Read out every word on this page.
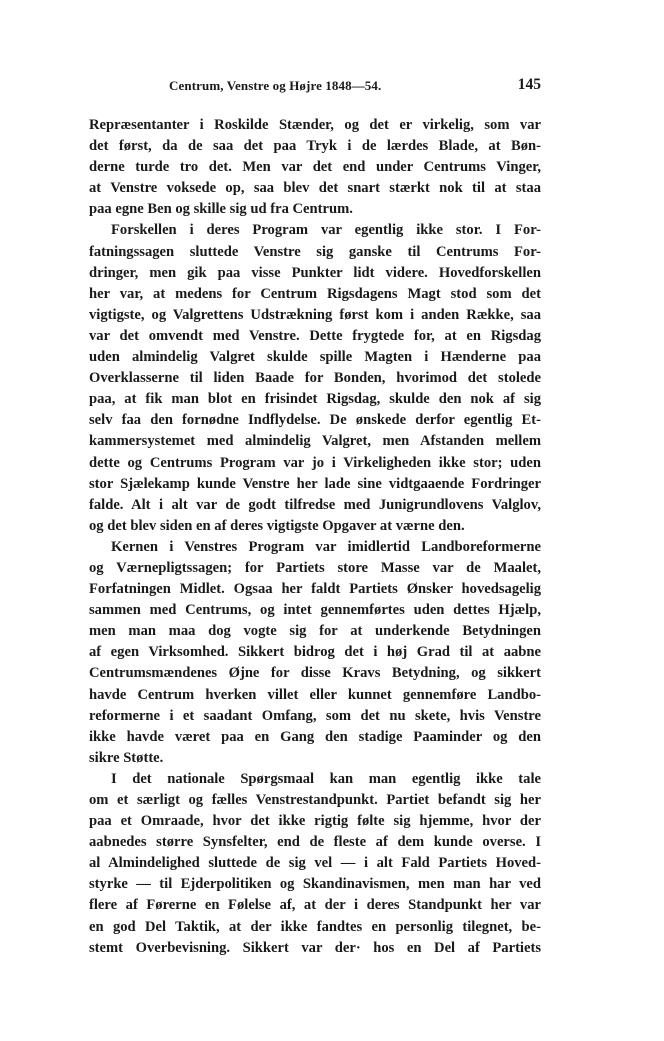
Centrum, Venstre og Højre 1848—54.	145

Repræsentanter i Roskilde Stænder, og det er virkelig, som var
det først, da de saa det paa Tryk i de lærdes Blade, at Bøn-
derne turde tro det. Men var det end under Centrums Vinger,
at Venstre voksede op, saa blev det snart stærkt nok til at staa
paa egne Ben og skille sig ud fra Centrum.

Forskellen i deres Program var egentlig ikke stor. I For-
fatningssagen sluttede Venstre sig ganske til Centrums For-
dringer, men gik paa visse Punkter lidt videre. Hovedforskellen
her var, at medens for Centrum Rigsdagens Magt stod som det
vigtigste, og Valgrettens Udstrækning først kom i anden Række, saa
var det omvendt med Venstre. Dette frygtede for, at en Rigsdag
uden almindelig Valgret skulde spille Magten i Hænderne paa
Overklasserne til liden Baade for Bonden, hvorimod det stolede
paa, at fik man blot en frisindet Rigsdag, skulde den nok af sig
selv faa den fornødne Indflydelse. De ønskede derfor egentlig Et-
kammersystemet med almindelig Valgret, men Afstanden mellem
dette og Centrums Program var jo i Virkeligheden ikke stor; uden
stor Sjælekamp kunde Venstre her lade sine vidtgaaende Fordringer
falde. Alt i alt var de godt tilfredse med Junigrundlovens Valglov,
og det blev siden en af deres vigtigste Opgaver at værne den.

Kernen i Venstres Program var imidlertid Landboreformerne
og Værnepligtssagen; for Partiets store Masse var de Maalet,
Forfatningen Midlet. Ogsaa her faldt Partiets Ønsker hovedsagelig
sammen med Centrums, og intet gennemførtes uden dettes Hjælp,
men man maa dog vogte sig for at underkende Betydningen
af egen Virksomhed. Sikkert bidrog det i høj Grad til at aabne
Centrumsmændenes Øjne for disse Kravs Betydning, og sikkert
havde Centrum hverken villet eller kunnet gennemføre Landbo-
reformerne i et saadant Omfang, som det nu skete, hvis Venstre
ikke havde været paa en Gang den stadige Paaminder og den
sikre Støtte.

I det nationale Spørgsmaal kan man egentlig ikke tale
om et særligt og fælles Venstrestandpunkt. Partiet befandt sig her
paa et Omraade, hvor det ikke rigtig følte sig hjemme, hvor der
aabnedes større Synsfelter, end de fleste af dem kunde overse. I
al Almindelighed sluttede de sig vel — i alt Fald Partiets Hoved-
styrke — til Ejderpolitiken og Skandinavismen, men man har ved
flere af Førerne en Følelse af, at der i deres Standpunkt her var
en god Del Taktik, at der ikke fandtes en personlig tilegnet, be-
stemt Overbevisning. Sikkert var der· hos en Del af Partiets
